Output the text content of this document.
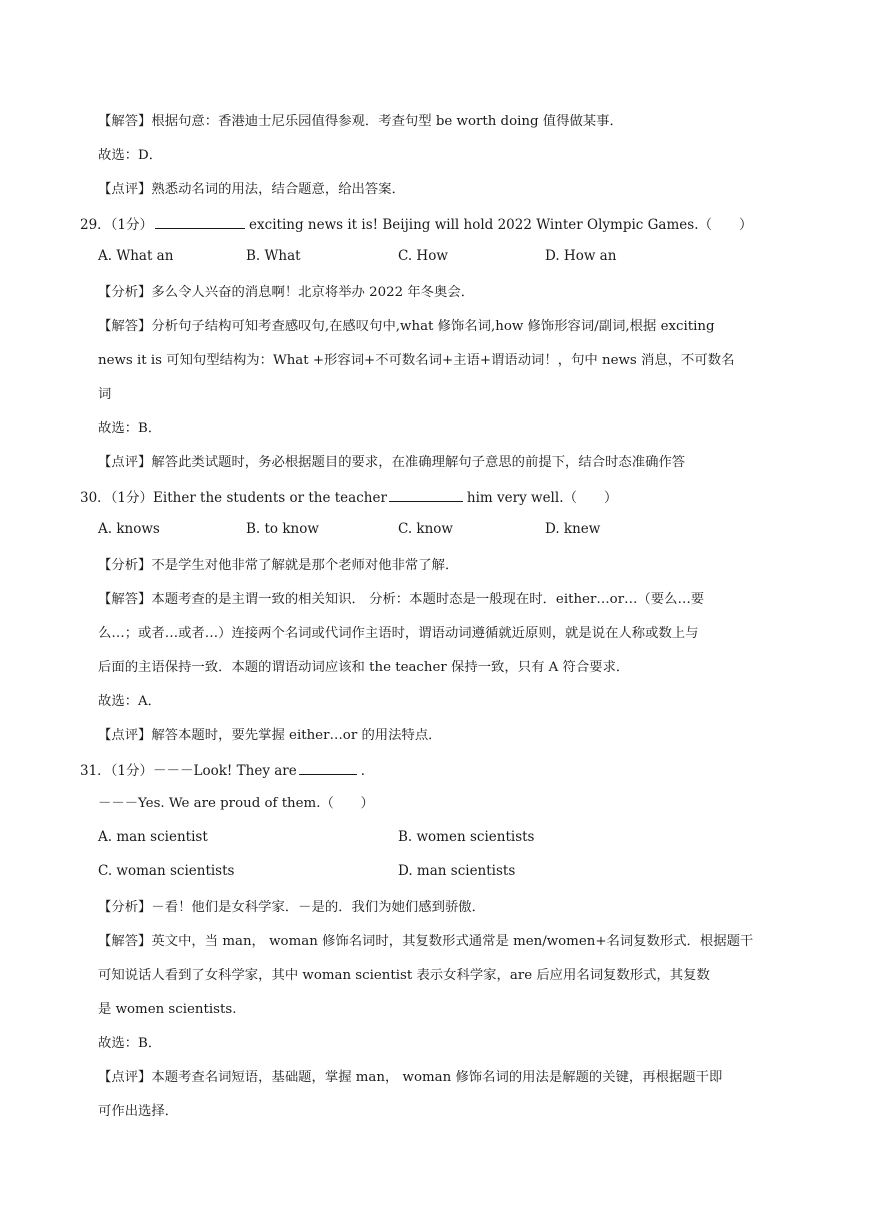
【解答】根据句意：香港迪士尼乐园值得参观．考查句型 be worth doing 值得做某事．
故选：D．
【点评】熟悉动名词的用法，结合题意，给出答案．
29．（1分）	exciting news it is! Beijing will hold 2022 Winter Olympic Games.（　　）
A. What an	B. What	C. How	D. How an
【分析】多么令人兴奋的消息啊！北京将举办 2022 年冬奥会．
【解答】分析句子结构可知考查感叹句,在感叹句中,what 修饰名词,how 修饰形容词/副词,根据 exciting
news it is 可知句型结构为：What +形容词+不可数名词+主语+谓语动词！，句中 news 消息，不可数名
词
故选：B．
【点评】解答此类试题时，务必根据题目的要求，在准确理解句子意思的前提下，结合时态准确作答
30．（1分）Either the students or the teacher	him very well.（　　）
A. knows	B. to know	C. know	D. knew
【分析】不是学生对他非常了解就是那个老师对他非常了解．
【解答】本题考查的是主谓一致的相关知识． 分析：本题时态是一般现在时．either…or…（要么…要
么…；或者…或者…）连接两个名词或代词作主语时，谓语动词遵循就近原则，就是说在人称或数上与
后面的主语保持一致．本题的谓语动词应该和 the teacher 保持一致，只有 A 符合要求．
故选：A．
【点评】解答本题时，要先掌握 either…or 的用法特点．
31．（1分）－－－Look! They are	．
－－－Yes. We are proud of them.（　　）
A. man scientist	B. women scientists
C. woman scientists	D. man scientists
【分析】－看！他们是女科学家．－是的．我们为她们感到骄傲．
【解答】英文中，当 man， woman 修饰名词时，其复数形式通常是 men/women+名词复数形式．根据题干
可知说话人看到了女科学家，其中 woman scientist 表示女科学家，are 后应用名词复数形式，其复数
是 women scientists.
故选：B．
【点评】本题考查名词短语，基础题，掌握 man， woman 修饰名词的用法是解题的关键，再根据题干即
可作出选择．
